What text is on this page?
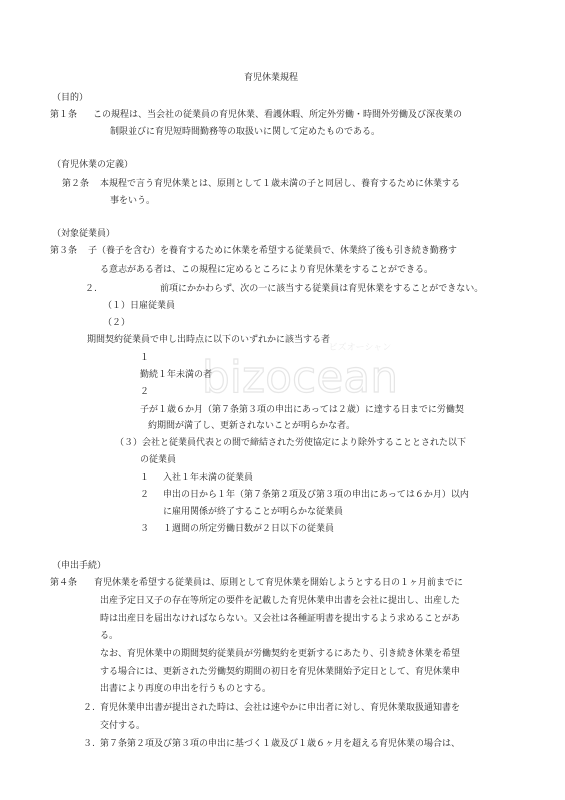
bizocean
ビズオーシャン
育児休業規程
（目的）
第１条 この規程は、当会社の従業員の育児休業、看護休暇、所定外労働・時間外労働及び深夜業の
制限並びに育児短時間勤務等の取扱いに関して定めたものである。
（育児休業の定義）
第２条 本規程で言う育児休業とは、原則として１歳未満の子と同居し、養育するために休業する
事をいう。
（対象従業員）
第３条 子（養子を含む）を養育するために休業を希望する従業員で、休業終了後も引き続き勤務す
る意志がある者は、この規程に定めるところにより育児休業をすることができる。
２.	前項にかかわらず、次の一に該当する従業員は育児休業をすることができない。
（１）日雇従業員
（２）
期間契約従業員で申し出時点に以下のいずれかに該当する者
１
勤続１年未満の者
２
子が１歳６か月（第７条第３項の申出にあっては２歳）に達する日までに労働契
約期間が満了し、更新されないことが明らかな者。
（３）会社と従業員代表との間で締結された労使協定により除外することとされた以下
の従業員
１ 入社１年未満の従業員
２ 申出の日から１年（第７条第２項及び第３項の申出にあっては６か月）以内
に雇用関係が終了することが明らかな従業員
３ １週間の所定労働日数が２日以下の従業員
（申出手続）
第４条 育児休業を希望する従業員は、原則として育児休業を開始しようとする日の１ヶ月前までに
出産予定日又子の存在等所定の要件を記載した育児休業申出書を会社に提出し、出産した
時は出産日を届出なければならない。又会社は各種証明書を提出するよう求めることがあ
る。
なお、育児休業中の期間契約従業員が労働契約を更新するにあたり、引き続き休業を希望
する場合には、更新された労働契約期間の初日を育児休業開始予定日として、育児休業申
出書により再度の申出を行うものとする。
２. 育児休業申出書が提出された時は、会社は速やかに申出者に対し、育児休業取扱通知書を
交付する。
３. 第７条第２項及び第３項の申出に基づく１歳及び１歳６ヶ月を超える育児休業の場合は、
